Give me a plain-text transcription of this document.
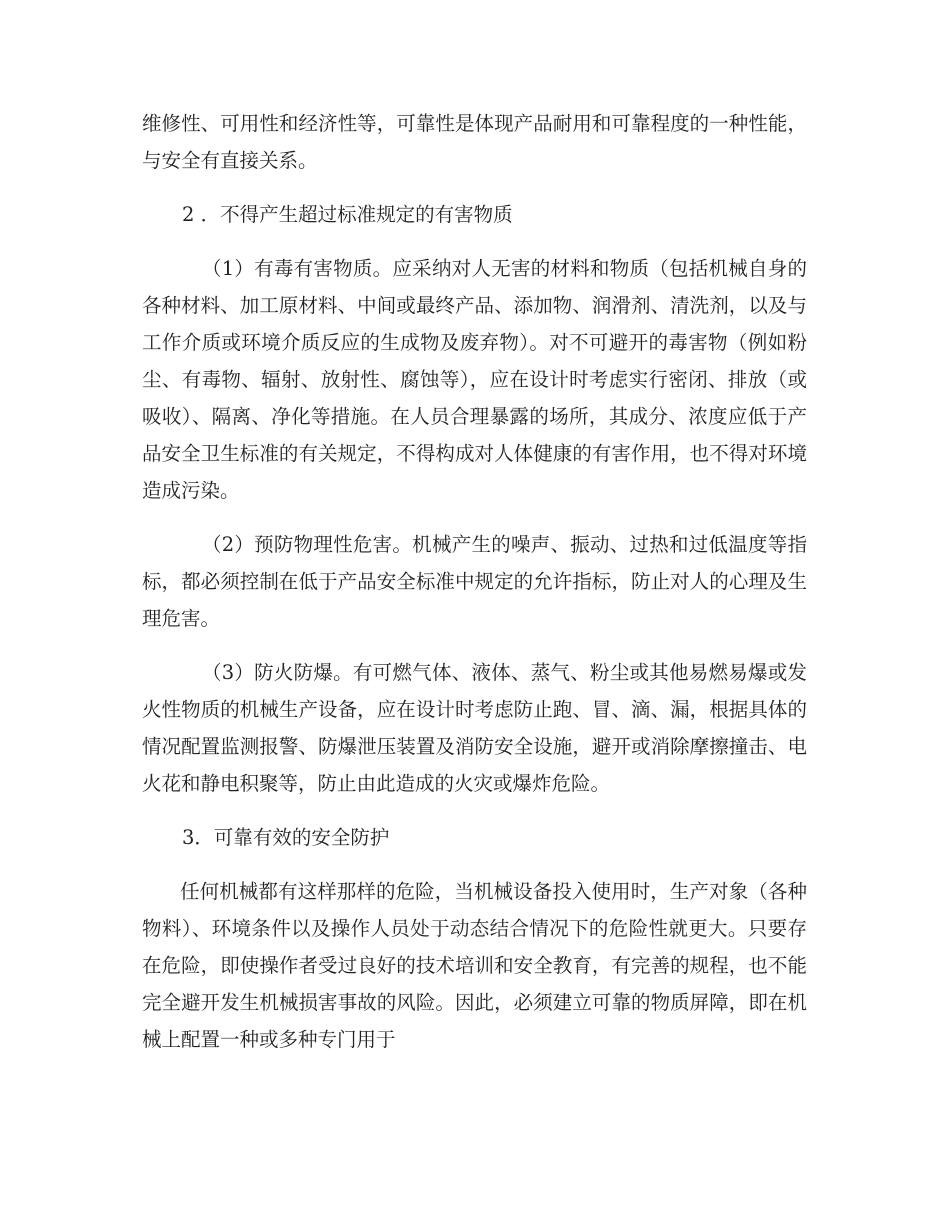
维修性、可用性和经济性等，可靠性是体现产品耐用和可靠程度的一种性能，与安全有直接关系。

2 ．不得产生超过标准规定的有害物质

（1）有毒有害物质。应采纳对人无害的材料和物质（包括机械自身的各种材料、加工原材料、中间或最终产品、添加物、润滑剂、清洗剂，以及与工作介质或环境介质反应的生成物及废弃物）。对不可避开的毒害物（例如粉尘、有毒物、辐射、放射性、腐蚀等），应在设计时考虑实行密闭、排放（或吸收）、隔离、净化等措施。在人员合理暴露的场所，其成分、浓度应低于产品安全卫生标准的有关规定，不得构成对人体健康的有害作用，也不得对环境造成污染。

（2）预防物理性危害。机械产生的噪声、振动、过热和过低温度等指标，都必须控制在低于产品安全标准中规定的允许指标，防止对人的心理及生理危害。

（3）防火防爆。有可燃气体、液体、蒸气、粉尘或其他易燃易爆或发火性物质的机械生产设备，应在设计时考虑防止跑、冒、滴、漏，根据具体的情况配置监测报警、防爆泄压装置及消防安全设施，避开或消除摩擦撞击、电火花和静电积聚等，防止由此造成的火灾或爆炸危险。

3．可靠有效的安全防护

任何机械都有这样那样的危险，当机械设备投入使用时，生产对象（各种物料）、环境条件以及操作人员处于动态结合情况下的危险性就更大。只要存在危险，即使操作者受过良好的技术培训和安全教育，有完善的规程，也不能完全避开发生机械损害事故的风险。因此，必须建立可靠的物质屏障，即在机械上配置一种或多种专门用于
